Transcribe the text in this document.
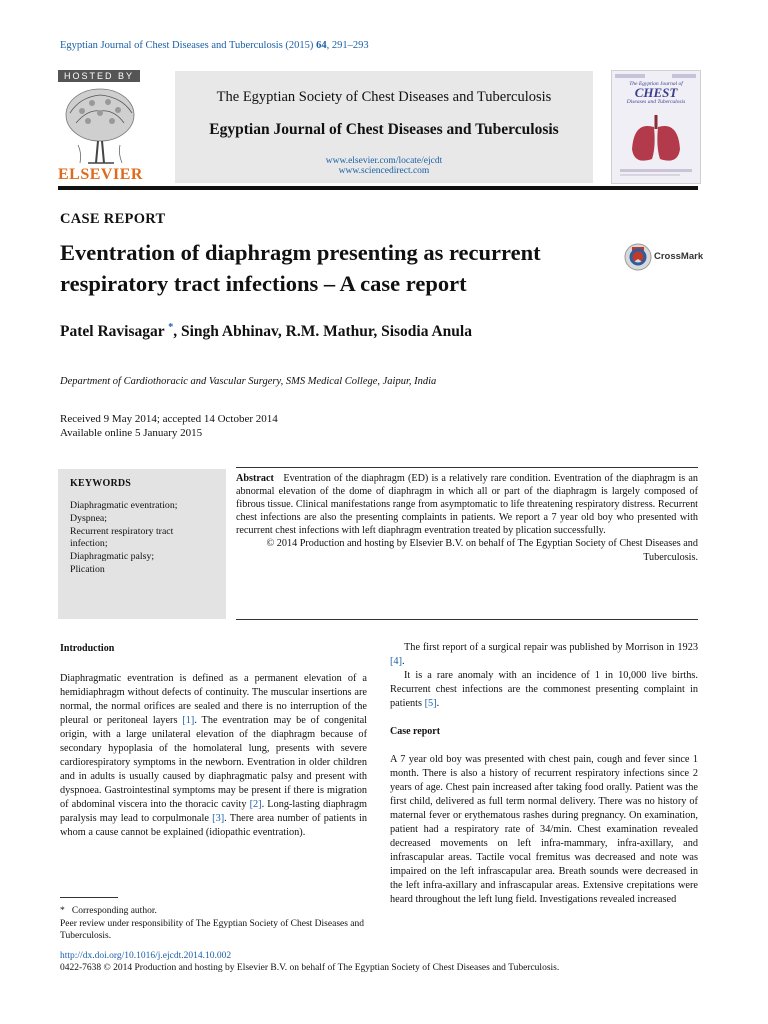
Egyptian Journal of Chest Diseases and Tuberculosis (2015) 64, 291–293
HOSTED BY
ELSEVIER
The Egyptian Society of Chest Diseases and Tuberculosis
Egyptian Journal of Chest Diseases and Tuberculosis
www.elsevier.com/locate/ejcdt
www.sciencedirect.com
The Egyptian Journal of
CHEST
Diseases and Tuberculosis
CASE REPORT
Eventration of diaphragm presenting as recurrent
respiratory tract infections – A case report
CrossMark
Patel Ravisagar *, Singh Abhinav, R.M. Mathur, Sisodia Anula
Department of Cardiothoracic and Vascular Surgery, SMS Medical College, Jaipur, India
Received 9 May 2014; accepted 14 October 2014
Available online 5 January 2015
KEYWORDS
Diaphragmatic eventration;
Dyspnea;
Recurrent respiratory tract
infection;
Diaphragmatic palsy;
Plication
Abstract Eventration of the diaphragm (ED) is a relatively rare condition. Eventration of the diaphragm is an abnormal elevation of the dome of diaphragm in which all or part of the diaphragm is largely composed of fibrous tissue. Clinical manifestations range from asymptomatic to life threatening respiratory distress. Recurrent chest infections are also the presenting complaints in patients. We report a 7 year old boy who presented with recurrent chest infections with left diaphragm eventration treated by plication successfully.
© 2014 Production and hosting by Elsevier B.V. on behalf of The Egyptian Society of Chest Diseases and Tuberculosis.
Introduction

Diaphragmatic eventration is defined as a permanent elevation of a hemidiaphragm without defects of continuity. The muscular insertions are normal, the normal orifices are sealed and there is no interruption of the pleural or peritoneal layers [1]. The eventration may be of congenital origin, with a large unilateral elevation of the diaphragm because of secondary hypoplasia of the homolateral lung, presents with severe cardiorespiratory symptoms in the newborn. Eventration in older children and in adults is usually caused by diaphragmatic palsy and present with dyspnoea. Gastrointestinal symptoms may be present if there is migration of abdominal viscera into the thoracic cavity [2]. Long-lasting diaphragm paralysis may lead to corpulmonale [3]. There area number of patients in whom a cause cannot be explained (idiopathic eventration).

The first report of a surgical repair was published by Morrison in 1923 [4].

It is a rare anomaly with an incidence of 1 in 10,000 live births. Recurrent chest infections are the commonest presenting complaint in patients [5].

Case report

A 7 year old boy was presented with chest pain, cough and fever since 1 month. There is also a history of recurrent respiratory infections since 2 years of age. Chest pain increased after taking food orally. Patient was the first child, delivered as full term normal delivery. There was no history of maternal fever or erythematous rashes during pregnancy. On examination, patient had a respiratory rate of 34/min. Chest examination revealed decreased movements on left infra-mammary, infra-axillary, and infrascapular areas. Tactile vocal fremitus was decreased and note was impaired on the left infrascapular area. Breath sounds were decreased in the left infra-axillary and infrascapular areas. Extensive crepitations were heard throughout the left lung field. Investigations revealed increased

* Corresponding author.

Peer review under responsibility of The Egyptian Society of Chest Diseases and Tuberculosis.

http://dx.doi.org/10.1016/j.ejcdt.2014.10.002
0422-7638 © 2014 Production and hosting by Elsevier B.V. on behalf of The Egyptian Society of Chest Diseases and Tuberculosis.
